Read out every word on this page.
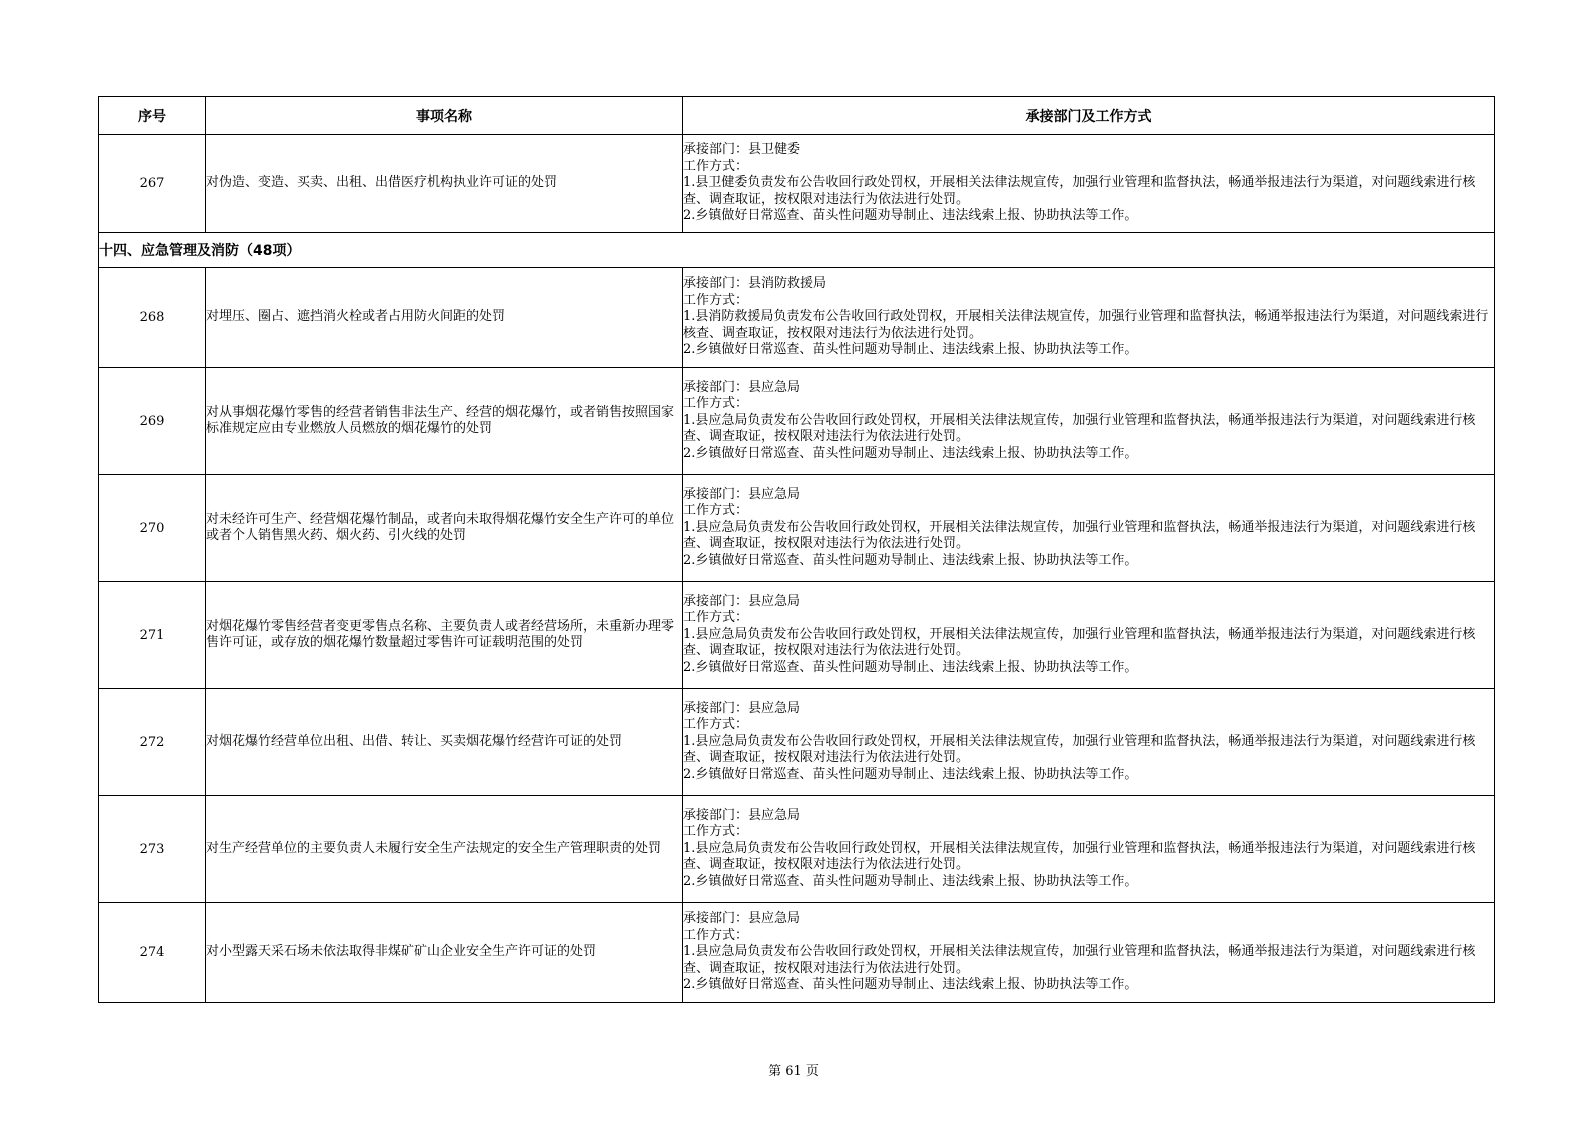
序号	事项名称	承接部门及工作方式
267	对伪造、变造、买卖、出租、出借医疗机构执业许可证的处罚	承接部门：县卫健委
工作方式：
1.县卫健委负责发布公告收回行政处罚权，开展相关法律法规宣传，加强行业管理和监督执法，畅通举报违法行为渠道，对问题线索进行核查、调查取证，按权限对违法行为依法进行处罚。
2.乡镇做好日常巡查、苗头性问题劝导制止、违法线索上报、协助执法等工作。

十四、应急管理及消防（48项）		
268	对埋压、圈占、遮挡消火栓或者占用防火间距的处罚	承接部门：县消防救援局
工作方式：
1.县消防救援局负责发布公告收回行政处罚权，开展相关法律法规宣传，加强行业管理和监督执法，畅通举报违法行为渠道，对问题线索进行核查、调查取证，按权限对违法行为依法进行处罚。
2.乡镇做好日常巡查、苗头性问题劝导制止、违法线索上报、协助执法等工作。

269	对从事烟花爆竹零售的经营者销售非法生产、经营的烟花爆竹，或者销售按照国家标准规定应由专业燃放人员燃放的烟花爆竹的处罚	承接部门：县应急局
工作方式：
1.县应急局负责发布公告收回行政处罚权，开展相关法律法规宣传，加强行业管理和监督执法，畅通举报违法行为渠道，对问题线索进行核查、调查取证，按权限对违法行为依法进行处罚。
2.乡镇做好日常巡查、苗头性问题劝导制止、违法线索上报、协助执法等工作。

270	对未经许可生产、经营烟花爆竹制品，或者向未取得烟花爆竹安全生产许可的单位或者个人销售黑火药、烟火药、引火线的处罚	承接部门：县应急局
工作方式：
1.县应急局负责发布公告收回行政处罚权，开展相关法律法规宣传，加强行业管理和监督执法，畅通举报违法行为渠道，对问题线索进行核查、调查取证，按权限对违法行为依法进行处罚。
2.乡镇做好日常巡查、苗头性问题劝导制止、违法线索上报、协助执法等工作。

271	对烟花爆竹零售经营者变更零售点名称、主要负责人或者经营场所，未重新办理零售许可证，或存放的烟花爆竹数量超过零售许可证载明范围的处罚	承接部门：县应急局
工作方式：
1.县应急局负责发布公告收回行政处罚权，开展相关法律法规宣传，加强行业管理和监督执法，畅通举报违法行为渠道，对问题线索进行核查、调查取证，按权限对违法行为依法进行处罚。
2.乡镇做好日常巡查、苗头性问题劝导制止、违法线索上报、协助执法等工作。

272	对烟花爆竹经营单位出租、出借、转让、买卖烟花爆竹经营许可证的处罚	承接部门：县应急局
工作方式：
1.县应急局负责发布公告收回行政处罚权，开展相关法律法规宣传，加强行业管理和监督执法，畅通举报违法行为渠道，对问题线索进行核查、调查取证，按权限对违法行为依法进行处罚。
2.乡镇做好日常巡查、苗头性问题劝导制止、违法线索上报、协助执法等工作。

273	对生产经营单位的主要负责人未履行安全生产法规定的安全生产管理职责的处罚	承接部门：县应急局
工作方式：
1.县应急局负责发布公告收回行政处罚权，开展相关法律法规宣传，加强行业管理和监督执法，畅通举报违法行为渠道，对问题线索进行核查、调查取证，按权限对违法行为依法进行处罚。
2.乡镇做好日常巡查、苗头性问题劝导制止、违法线索上报、协助执法等工作。

274	对小型露天采石场未依法取得非煤矿矿山企业安全生产许可证的处罚	承接部门：县应急局
工作方式：
1.县应急局负责发布公告收回行政处罚权，开展相关法律法规宣传，加强行业管理和监督执法，畅通举报违法行为渠道，对问题线索进行核查、调查取证，按权限对违法行为依法进行处罚。
2.乡镇做好日常巡查、苗头性问题劝导制止、违法线索上报、协助执法等工作。
第 61 页
